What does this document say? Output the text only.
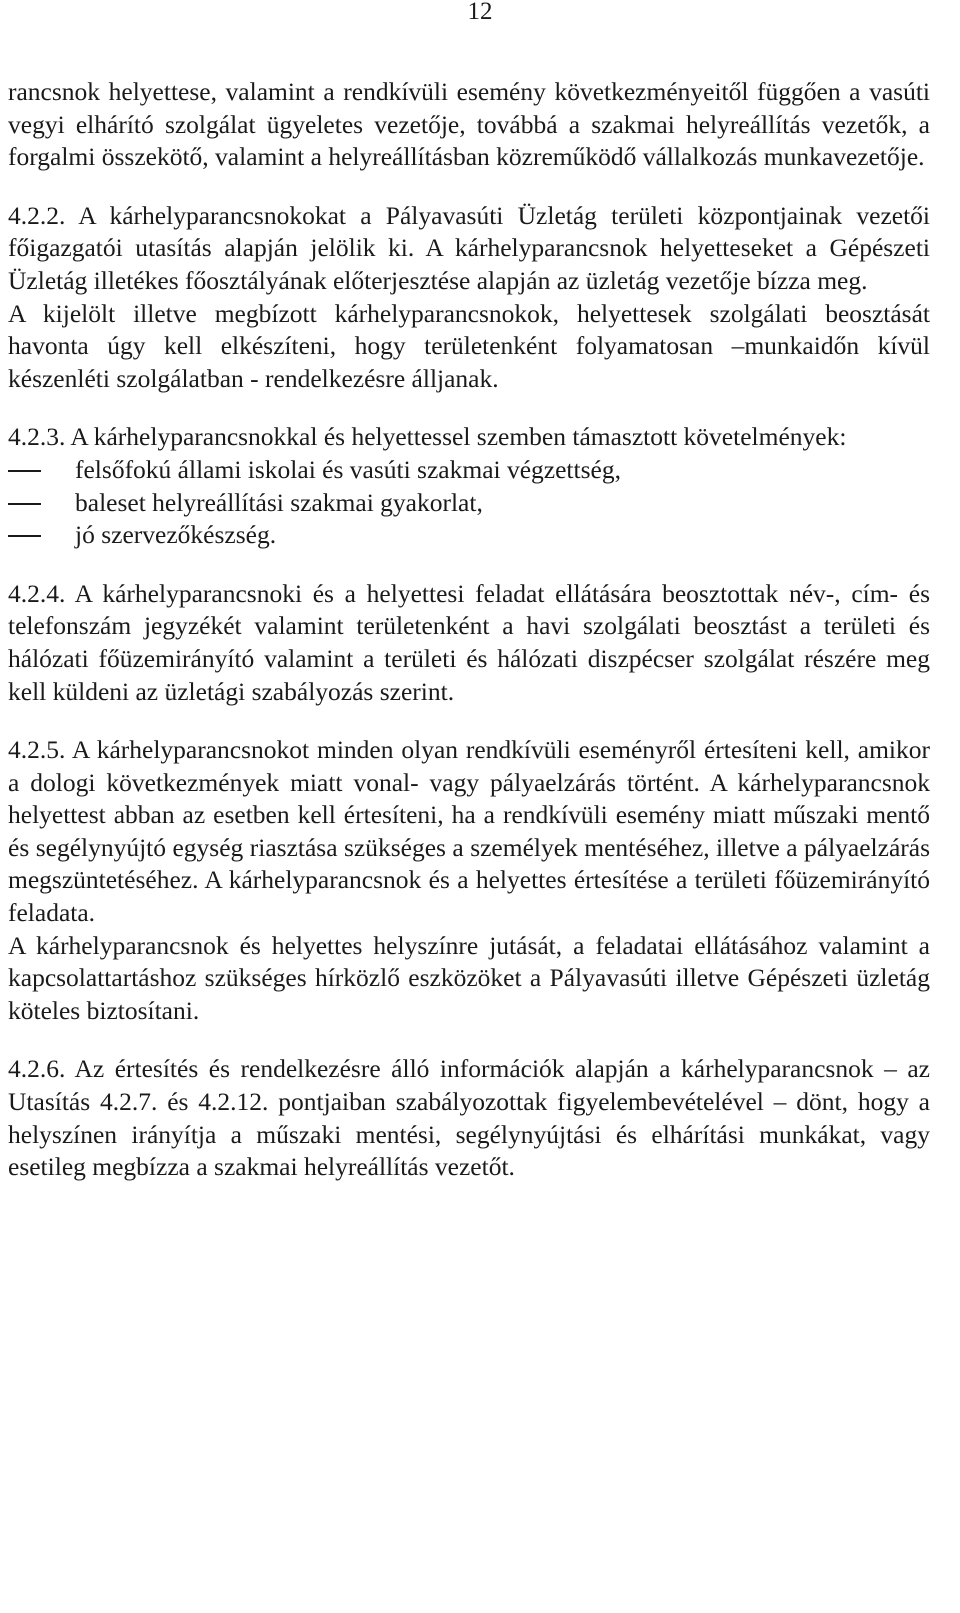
12

rancsnok helyettese, valamint a rendkívüli esemény következményeitől függően a vasúti vegyi elhárító szolgálat ügyeletes vezetője, továbbá a szakmai helyreállítás vezetők, a forgalmi összekötő, valamint a helyreállításban közreműködő vállalkozás munkavezetője.

4.2.2. A kárhelyparancsnokokat a Pályavasúti Üzletág területi központjainak vezetői főigazgatói utasítás alapján jelölik ki. A kárhelyparancsnok helyetteseket a Gépészeti Üzletág illetékes főosztályának előterjesztése alapján az üzletág vezetője bízza meg.

A kijelölt illetve megbízott kárhelyparancsnokok, helyettesek szolgálati beosztását havonta úgy kell elkészíteni, hogy területenként folyamatosan –munkaidőn kívül készenléti szolgálatban - rendelkezésre álljanak.

4.2.3. A kárhelyparancsnokkal és helyettessel szemben támasztott követelmények:

felsőfokú állami iskolai és vasúti szakmai végzettség,
baleset helyreállítási szakmai gyakorlat,
jó szervezőkészség.

4.2.4. A kárhelyparancsnoki és a helyettesi feladat ellátására beosztottak név-, cím- és telefonszám jegyzékét valamint területenként a havi szolgálati beosztást a területi és hálózati főüzemirányító valamint a területi és hálózati diszpécser szolgálat részére meg kell küldeni az üzletági szabályozás szerint.

4.2.5. A kárhelyparancsnokot minden olyan rendkívüli eseményről értesíteni kell, amikor a dologi következmények miatt vonal- vagy pályaelzárás történt. A kárhelyparancsnok helyettest abban az esetben kell értesíteni, ha a rendkívüli esemény miatt műszaki mentő és segélynyújtó egység riasztása szükséges a személyek mentéséhez, illetve a pályaelzárás megszüntetéséhez. A kárhelyparancsnok és a helyettes értesítése a területi főüzemirányító feladata.

A kárhelyparancsnok és helyettes helyszínre jutását, a feladatai ellátásához valamint a kapcsolattartáshoz szükséges hírközlő eszközöket a Pályavasúti illetve Gépészeti üzletág köteles biztosítani.

4.2.6. Az értesítés és rendelkezésre álló információk alapján a kárhelyparancsnok – az Utasítás 4.2.7. és 4.2.12. pontjaiban szabályozottak figyelembevételével – dönt, hogy a helyszínen irányítja a műszaki mentési, segélynyújtási és elhárítási munkákat, vagy esetileg megbízza a szakmai helyreállítás vezetőt.
